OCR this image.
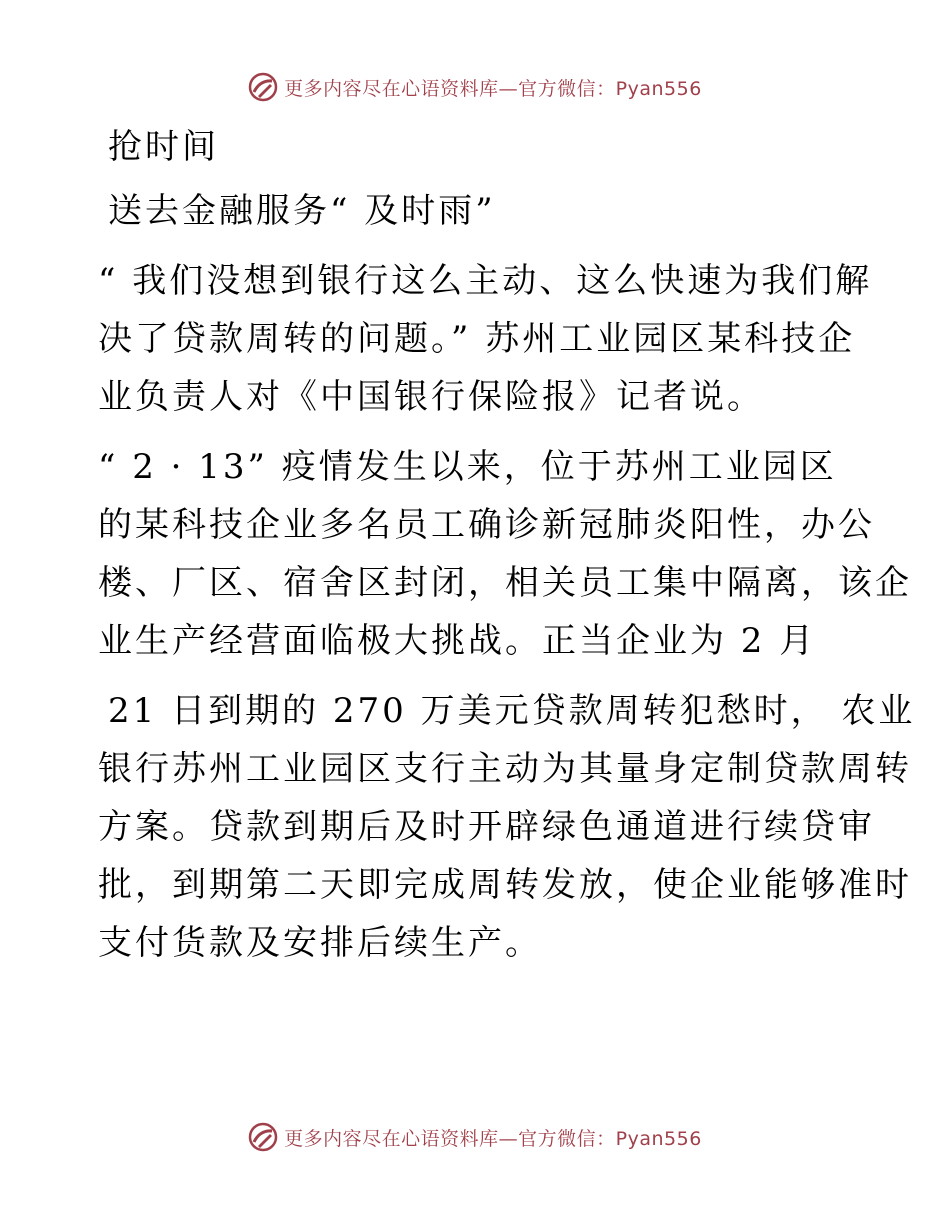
更多内容尽在心语资料库—官方微信：Pyan556
抢时间
送去金融服务“ 及时雨”
“ 我们没想到银行这么主动、这么快速为我们解
决了贷款周转的问题。” 苏州工业园区某科技企
业负责人对《中国银行保险报》记者说。
“ 2 · 13” 疫情发生以来，位于苏州工业园区
的某科技企业多名员工确诊新冠肺炎阳性，办公
楼、厂区、宿舍区封闭，相关员工集中隔离，该企
业生产经营面临极大挑战。正当企业为 2 月
21 日到期的 270 万美元贷款周转犯愁时， 农业
银行苏州工业园区支行主动为其量身定制贷款周转
方案。贷款到期后及时开辟绿色通道进行续贷审
批，到期第二天即完成周转发放，使企业能够准时
支付货款及安排后续生产。
更多内容尽在心语资料库—官方微信：Pyan556
